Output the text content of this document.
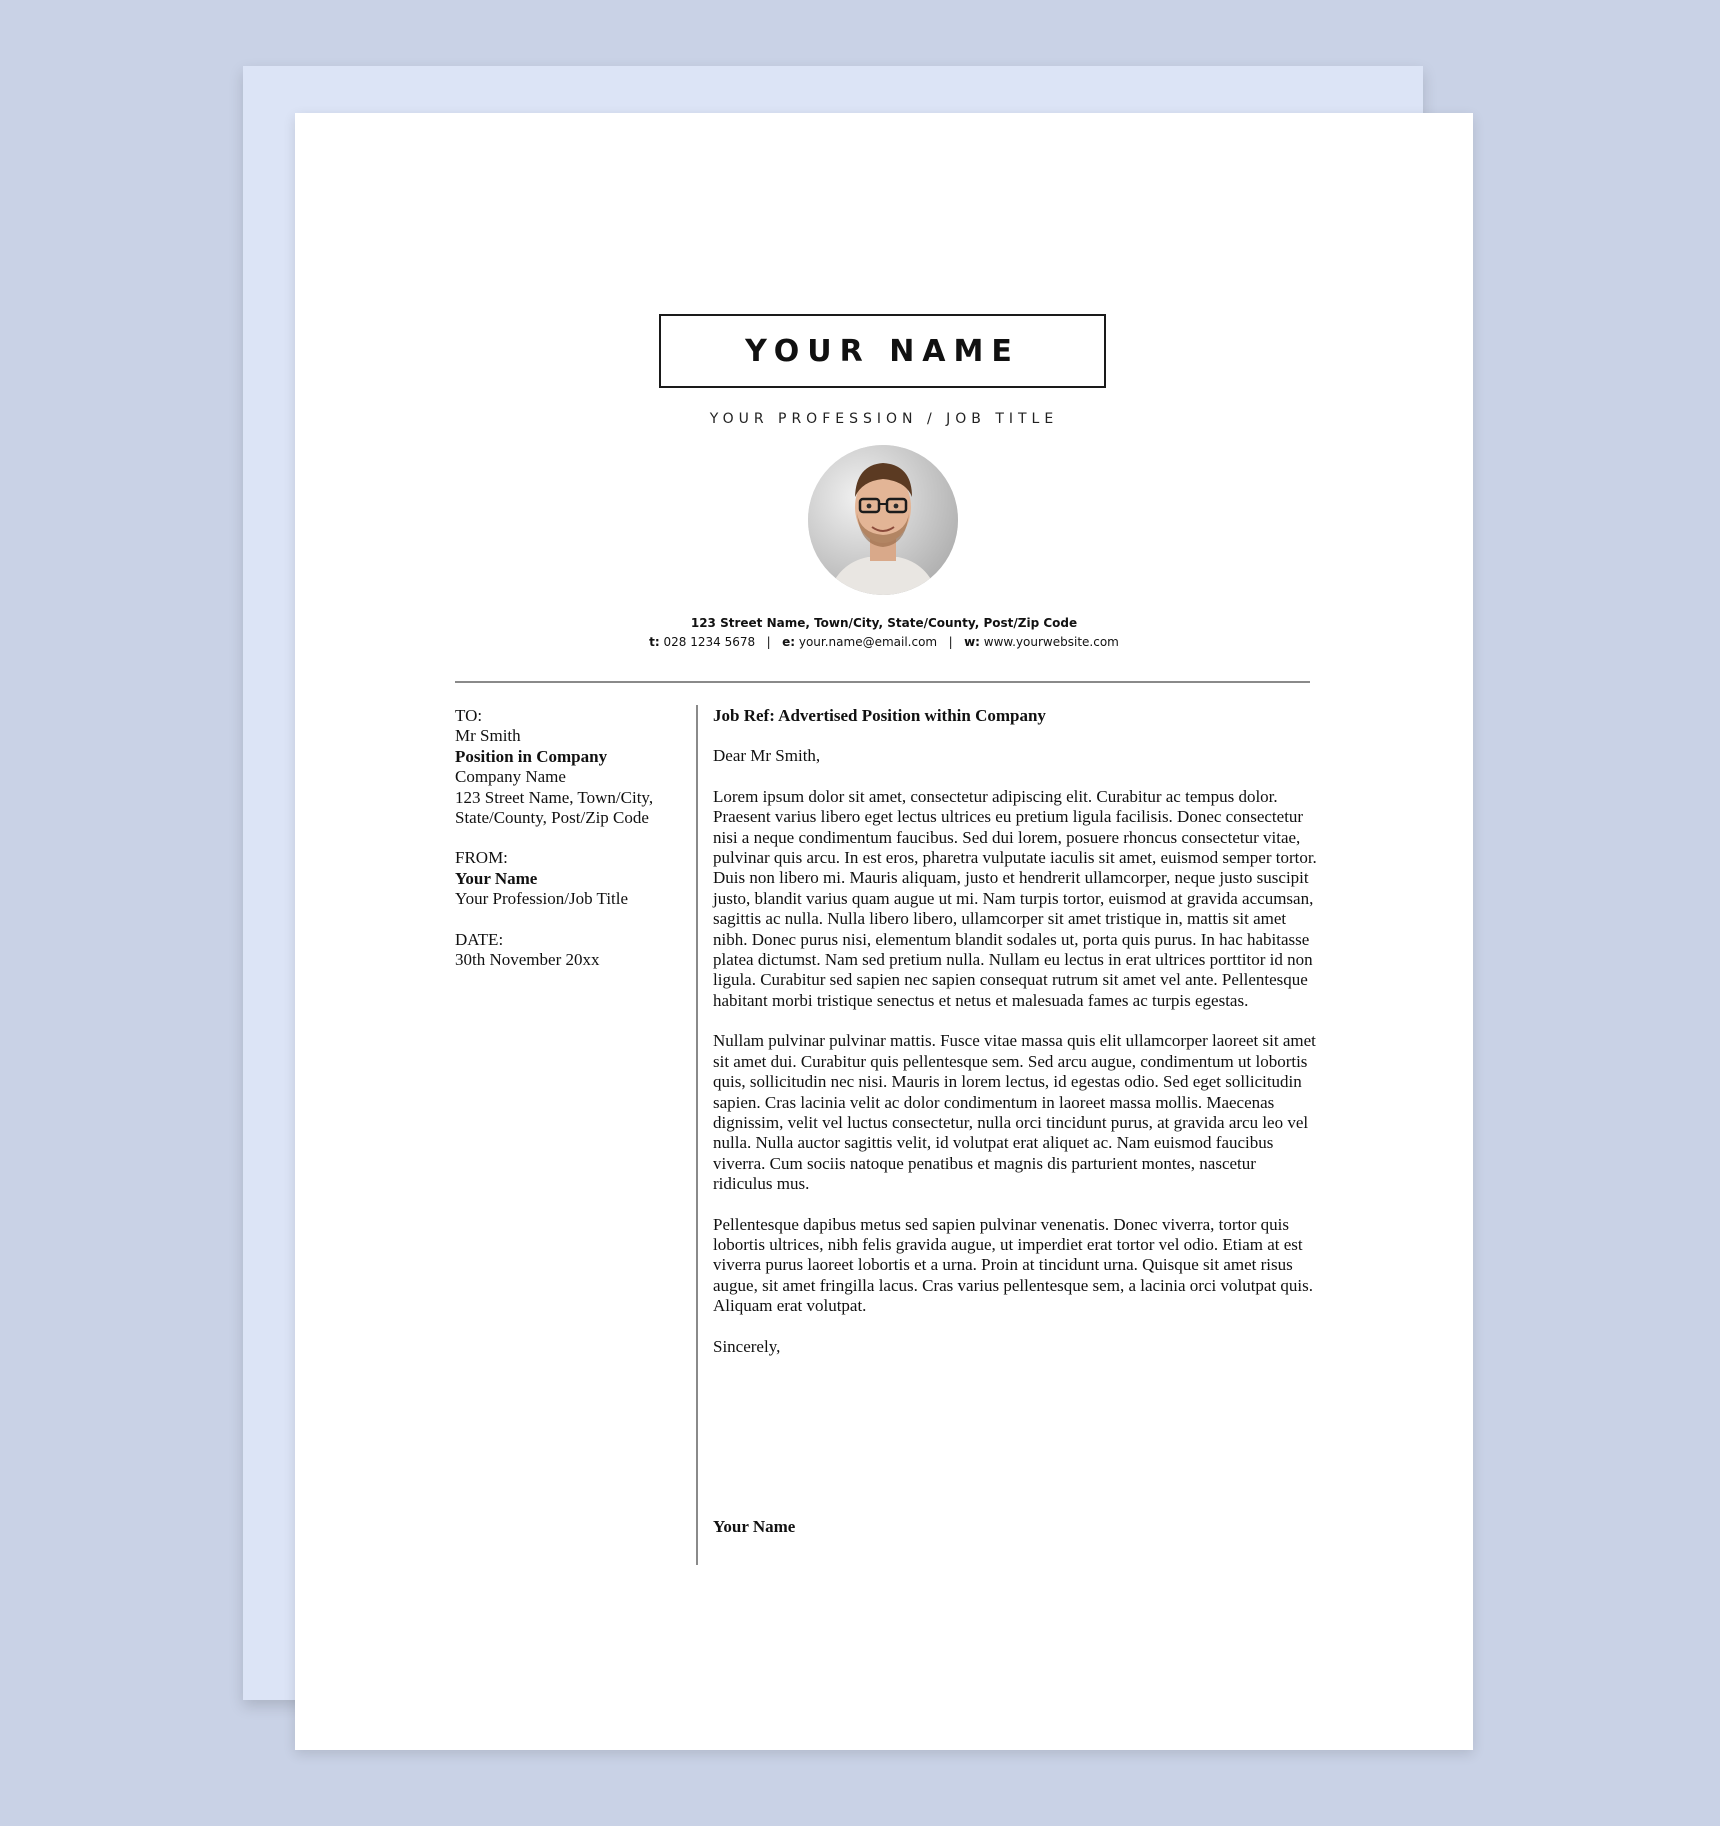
YOUR NAME
YOUR PROFESSION / JOB TITLE
123 Street Name, Town/City, State/County, Post/Zip Code
t: 028 1234 5678 | e: your.name@email.com | w: www.yourwebsite.com
TO:
Mr Smith
Position in Company
Company Name
123 Street Name, Town/City,
State/County, Post/Zip Code
FROM:
Your Name
Your Profession/Job Title
DATE:
30th November 20xx

Job Ref: Advertised Position within Company

Dear Mr Smith,

Lorem ipsum dolor sit amet, consectetur adipiscing elit. Curabitur ac tempus dolor. Praesent varius libero eget lectus ultrices eu pretium ligula facilisis. Donec consectetur nisi a neque condimentum faucibus. Sed dui lorem, posuere rhoncus consectetur vitae, pulvinar quis arcu. In est eros, pharetra vulputate iaculis sit amet, euismod semper tortor. Duis non libero mi. Mauris aliquam, justo et hendrerit ullamcorper, neque justo suscipit justo, blandit varius quam augue ut mi. Nam turpis tortor, euismod at gravida accumsan, sagittis ac nulla. Nulla libero libero, ullamcorper sit amet tristique in, mattis sit amet nibh. Donec purus nisi, elementum blandit sodales ut, porta quis purus. In hac habitasse platea dictumst. Nam sed pretium nulla. Nullam eu lectus in erat ultrices porttitor id non ligula. Curabitur sed sapien nec sapien consequat rutrum sit amet vel ante. Pellentesque habitant morbi tristique senectus et netus et malesuada fames ac turpis egestas.

Nullam pulvinar pulvinar mattis. Fusce vitae massa quis elit ullamcorper laoreet sit amet sit amet dui. Curabitur quis pellentesque sem. Sed arcu augue, condimentum ut lobortis quis, sollicitudin nec nisi. Mauris in lorem lectus, id egestas odio. Sed eget sollicitudin sapien. Cras lacinia velit ac dolor condimentum in laoreet massa mollis. Maecenas dignissim, velit vel luctus consectetur, nulla orci tincidunt purus, at gravida arcu leo vel nulla. Nulla auctor sagittis velit, id volutpat erat aliquet ac. Nam euismod faucibus viverra. Cum sociis natoque penatibus et magnis dis parturient montes, nascetur ridiculus mus.

Pellentesque dapibus metus sed sapien pulvinar venenatis. Donec viverra, tortor quis lobortis ultrices, nibh felis gravida augue, ut imperdiet erat tortor vel odio. Etiam at est viverra purus laoreet lobortis et a urna. Proin at tincidunt urna. Quisque sit amet risus augue, sit amet fringilla lacus. Cras varius pellentesque sem, a lacinia orci volutpat quis. Aliquam erat volutpat.

Sincerely,

Your Name
